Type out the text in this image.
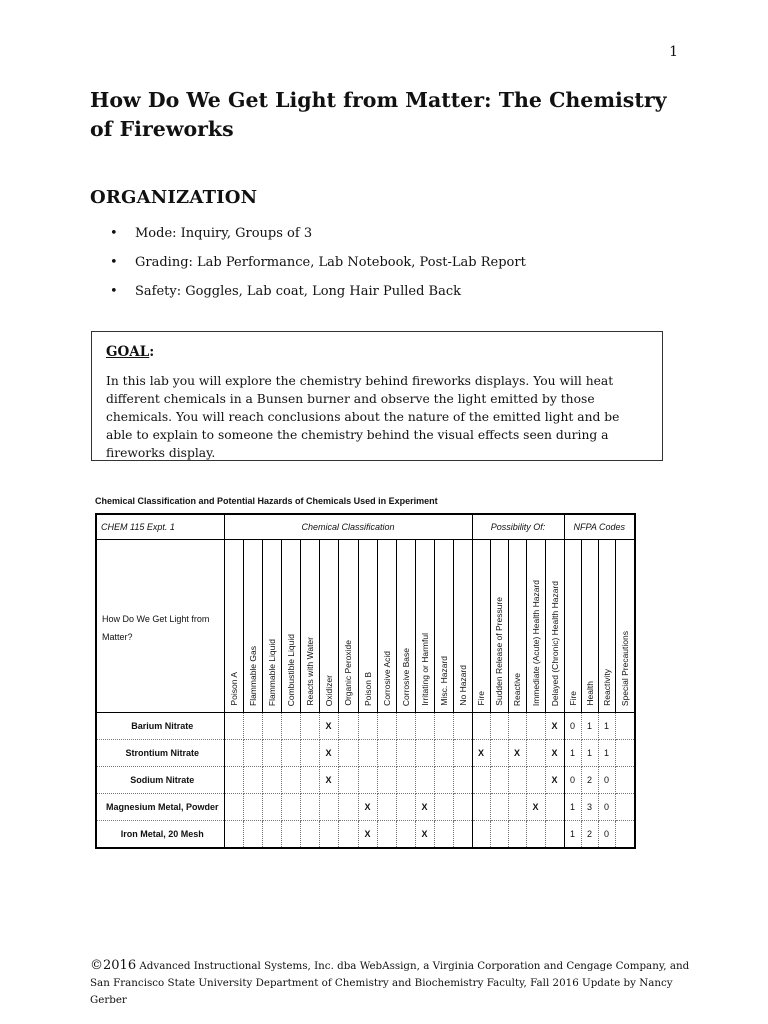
1
How Do We Get Light from Matter: The Chemistry of Fireworks
ORGANIZATION
• Mode: Inquiry, Groups of 3
• Grading: Lab Performance, Lab Notebook, Post-Lab Report
• Safety: Goggles, Lab coat, Long Hair Pulled Back

GOAL:

In this lab you will explore the chemistry behind fireworks displays. You will heat different chemicals in a Bunsen burner and observe the light emitted by those chemicals. You will reach conclusions about the nature of the emitted light and be able to explain to someone the chemistry behind the visual effects seen during a fireworks display.

Chemical Classification and Potential Hazards of Chemicals Used in Experiment
CHEM 115 Expt. 1	Chemical Classification													Possibility Of:					NFPA Codes			

How Do We Get Light from Matter?	Poison A	Flammable Gas	Flammable Liquid	Combustible Liquid	Reacts with Water	Oxidizer	Organic Peroxide	Poison B	Corrosive Acid	Corrosive Base	Irritating or Harmful	Misc. Hazard	No Hazard	Fire	Sudden Release of Pressure	Reactive	Immediate (Acute) Health Hazard	Delayed (Chronic) Health Hazard	Fire	Health	Reactivity	Special Precautions

Barium Nitrate						X												X	0	1	1	
Strontium Nitrate						X								X		X		X	1	1	1	
Sodium Nitrate						X												X	0	2	0	
Magnesium Metal, Powder								X			X						X		1	3	0	
Iron Metal, 20 Mesh								X			X								1	2	0	
©2016 Advanced Instructional Systems, Inc. dba WebAssign, a Virginia Corporation and Cengage Company, and San Francisco State University Department of Chemistry and Biochemistry Faculty, Fall 2016 Update by Nancy Gerber
